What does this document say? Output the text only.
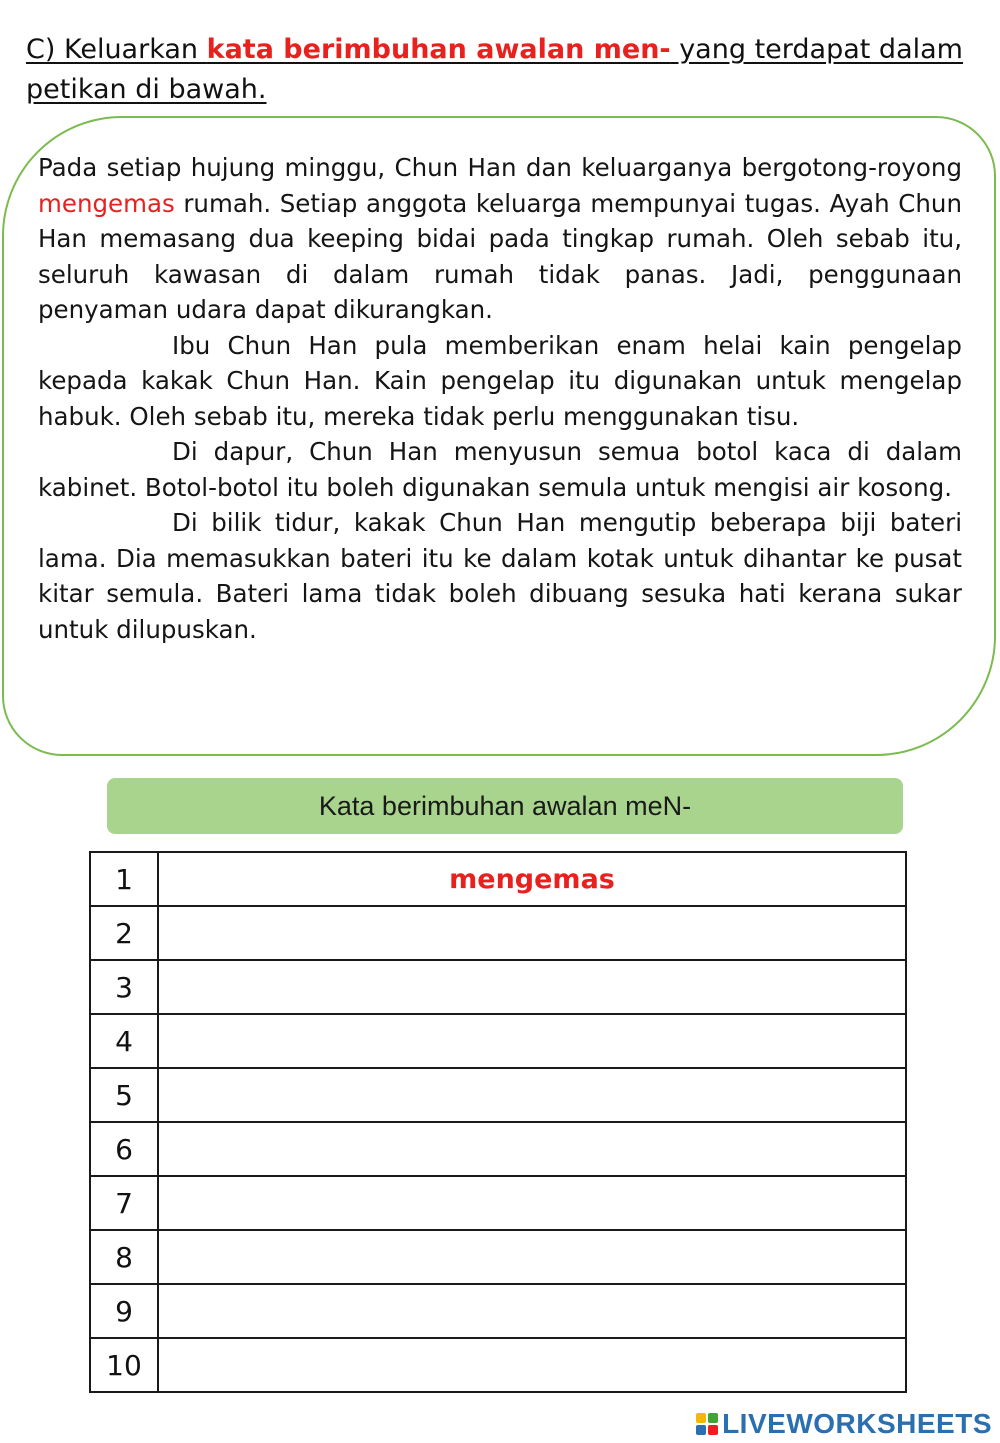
C) Keluarkan kata berimbuhan awalan men- yang terdapat dalam petikan di bawah.

Pada setiap hujung minggu, Chun Han dan keluarganya bergotong-royong mengemas rumah. Setiap anggota keluarga mempunyai tugas. Ayah Chun Han memasang dua keeping bidai pada tingkap rumah. Oleh sebab itu, seluruh kawasan di dalam rumah tidak panas. Jadi, penggunaan penyaman udara dapat dikurangkan.

Ibu Chun Han pula memberikan enam helai kain pengelap kepada kakak Chun Han. Kain pengelap itu digunakan untuk mengelap habuk. Oleh sebab itu, mereka tidak perlu menggunakan tisu.

Di dapur, Chun Han menyusun semua botol kaca di dalam kabinet. Botol-botol itu boleh digunakan semula untuk mengisi air kosong.

Di bilik tidur, kakak Chun Han mengutip beberapa biji bateri lama. Dia memasukkan bateri itu ke dalam kotak untuk dihantar ke pusat kitar semula. Bateri lama tidak boleh dibuang sesuka hati kerana sukar untuk dilupuskan.

Kata berimbuhan awalan meN-
1	mengemas
2	
3	
4	
5	
6	
7	
8	
9	
10	
LIVEWORKSHEETS
